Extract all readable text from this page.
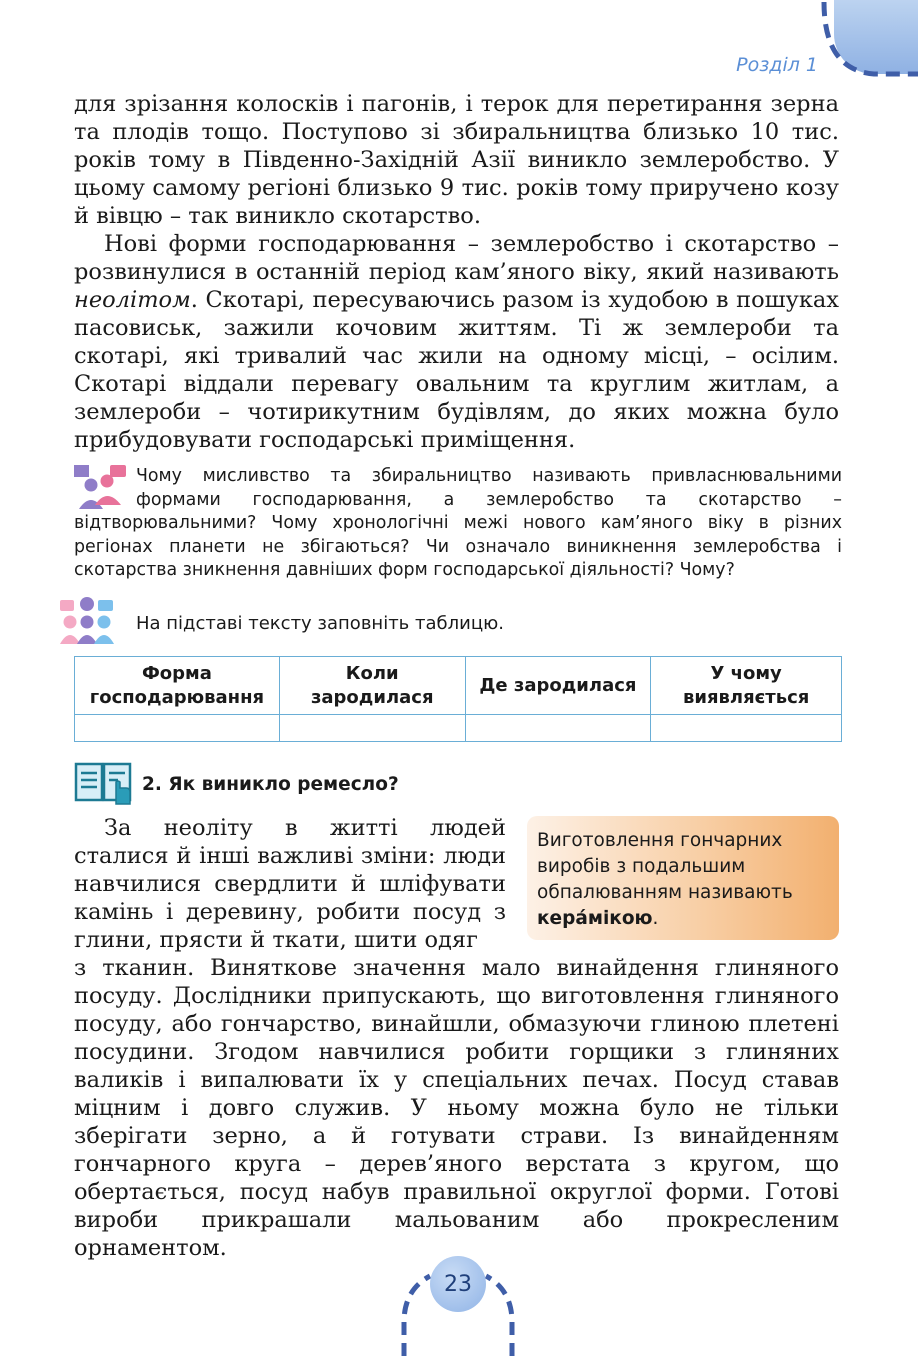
Розділ 1

для зрізання колосків і пагонів, і терок для перетирання зерна та плодів тощо. Поступово зі збиральництва близько 10 тис. років тому в Південно-Західній Азії виникло землеробство. У цьому самому регіоні близько 9 тис. років тому приручено козу й вівцю – так виникло скотарство.

Нові форми господарювання – землеробство і скотарство – розвинулися в останній період кам’яного віку, який називають неолітом. Скотарі, пересуваючись разом із худобою в пошуках пасовиськ, зажили кочовим життям. Ті ж землероби та скотарі, які тривалий час жили на одному місці, – осілим. Скотарі віддали перевагу овальним та круглим житлам, а землероби – чотирикутним будівлям, до яких можна було прибудовувати господарські приміщення.

Чому мисливство та збиральництво називають привласнювальними формами господарювання, а землеробство та скотарство – відтворювальними? Чому хронологічні межі нового кам’яного віку в різних регіонах планети не збігаються? Чи означало виникнення землеробства і скотарства зникнення давніших форм господарської діяльності? Чому?
На підставі тексту заповніть таблицю.
Форма господарювання	Коли зародилася	Де зародилася	У чому виявляється

2. Як виникло ремесло?

За неоліту в житті людей сталися й інші важливі зміни: люди навчилися свердлити й шліфувати камінь і деревину, робити посуд з глини, прясти й ткати, шити одяг

Виготовлення гончарних виробів з подальшим обпалюванням називають кера́мікою.

з тканин. Виняткове значення мало винайдення глиняного посуду. Дослідники припускають, що виготовлення глиняного посуду, або гончарство, винайшли, обмазуючи глиною плетені посудини. Згодом навчилися робити горщики з глиняних валиків і випалювати їх у спеціальних печах. Посуд ставав міцним і довго служив. У ньому можна було не тільки зберігати зерно, а й готувати страви. Із винайденням гончарного круга – дерев’яного верстата з кругом, що обертається, посуд набув правильної округлої форми. Готові вироби прикрашали мальованим або прокресленим орнаментом.

23
